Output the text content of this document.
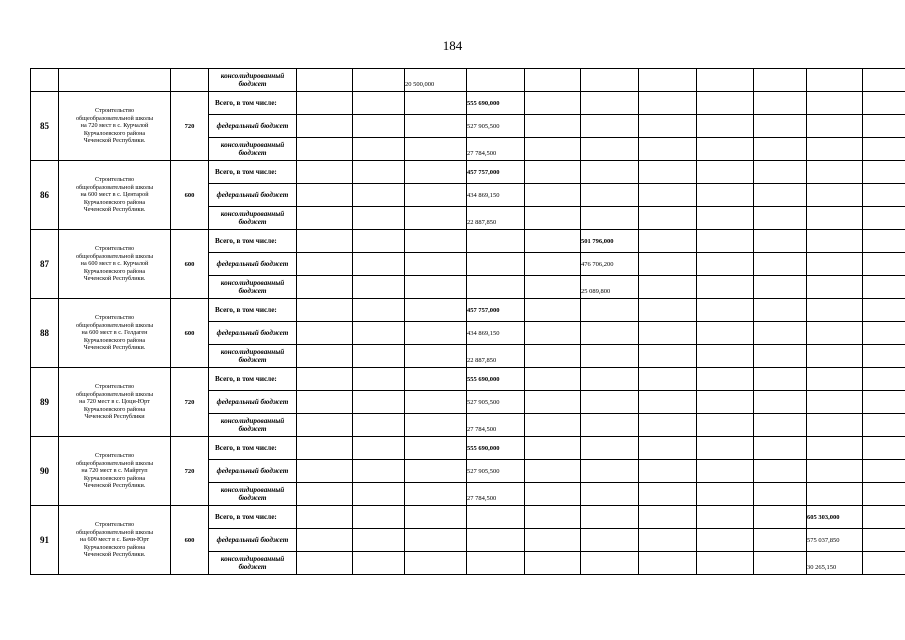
184
			консолидированный бюджет			20 500,000								
85	Строительство
общеобразовательной школы
на 720 мест в с. Курчалой
Курчалоевского района
Чеченской Республики.	720	Всего, в том числе:				555 690,000							
			федеральный бюджет				527 905,500							
			консолидированный бюджет				27 784,500							
86	Строительство
общеобразовательной школы
на 600 мест в с. Центарой
Курчалоевского района
Чеченской Республики.	600	Всего, в том числе:				457 757,000							
			федеральный бюджет				434 869,150							
			консолидированный бюджет				22 887,850							
87	Строительство
общеобразовательной школы
на 600 мест в с. Курчалой
Курчалоевского района
Чеченской Республики.	600	Всего, в том числе:						501 796,000					
			федеральный бюджет						476 706,200					
			консолидированный бюджет						25 089,800					
88	Строительство
общеобразовательной школы
на 600 мест в с. Гелдаген
Курчалоевского района
Чеченской Республики.	600	Всего, в том числе:				457 757,000							
			федеральный бюджет				434 869,150							
			консолидированный бюджет				22 887,850							
89	Строительство
общеобразовательной школы
на 720 мест в с. Цоци-Юрт
Курчалоевского района
Чеченской Республики	720	Всего, в том числе:				555 690,000							
			федеральный бюджет				527 905,500							
			консолидированный бюджет				27 784,500							
90	Строительство
общеобразовательной школы
на 720 мест в с. Майртуп
Курчалоевского района
Чеченской Республики.	720	Всего, в том числе:				555 690,000							
			федеральный бюджет				527 905,500							
			консолидированный бюджет				27 784,500							
91	Строительство
общеобразовательной школы
на 600 мест в с. Бачи-Юрт
Курчалоевского района
Чеченской Республики.	600	Всего, в том числе:										605 303,000	
			федеральный бюджет										575 037,850	
			консолидированный бюджет										30 265,150	
